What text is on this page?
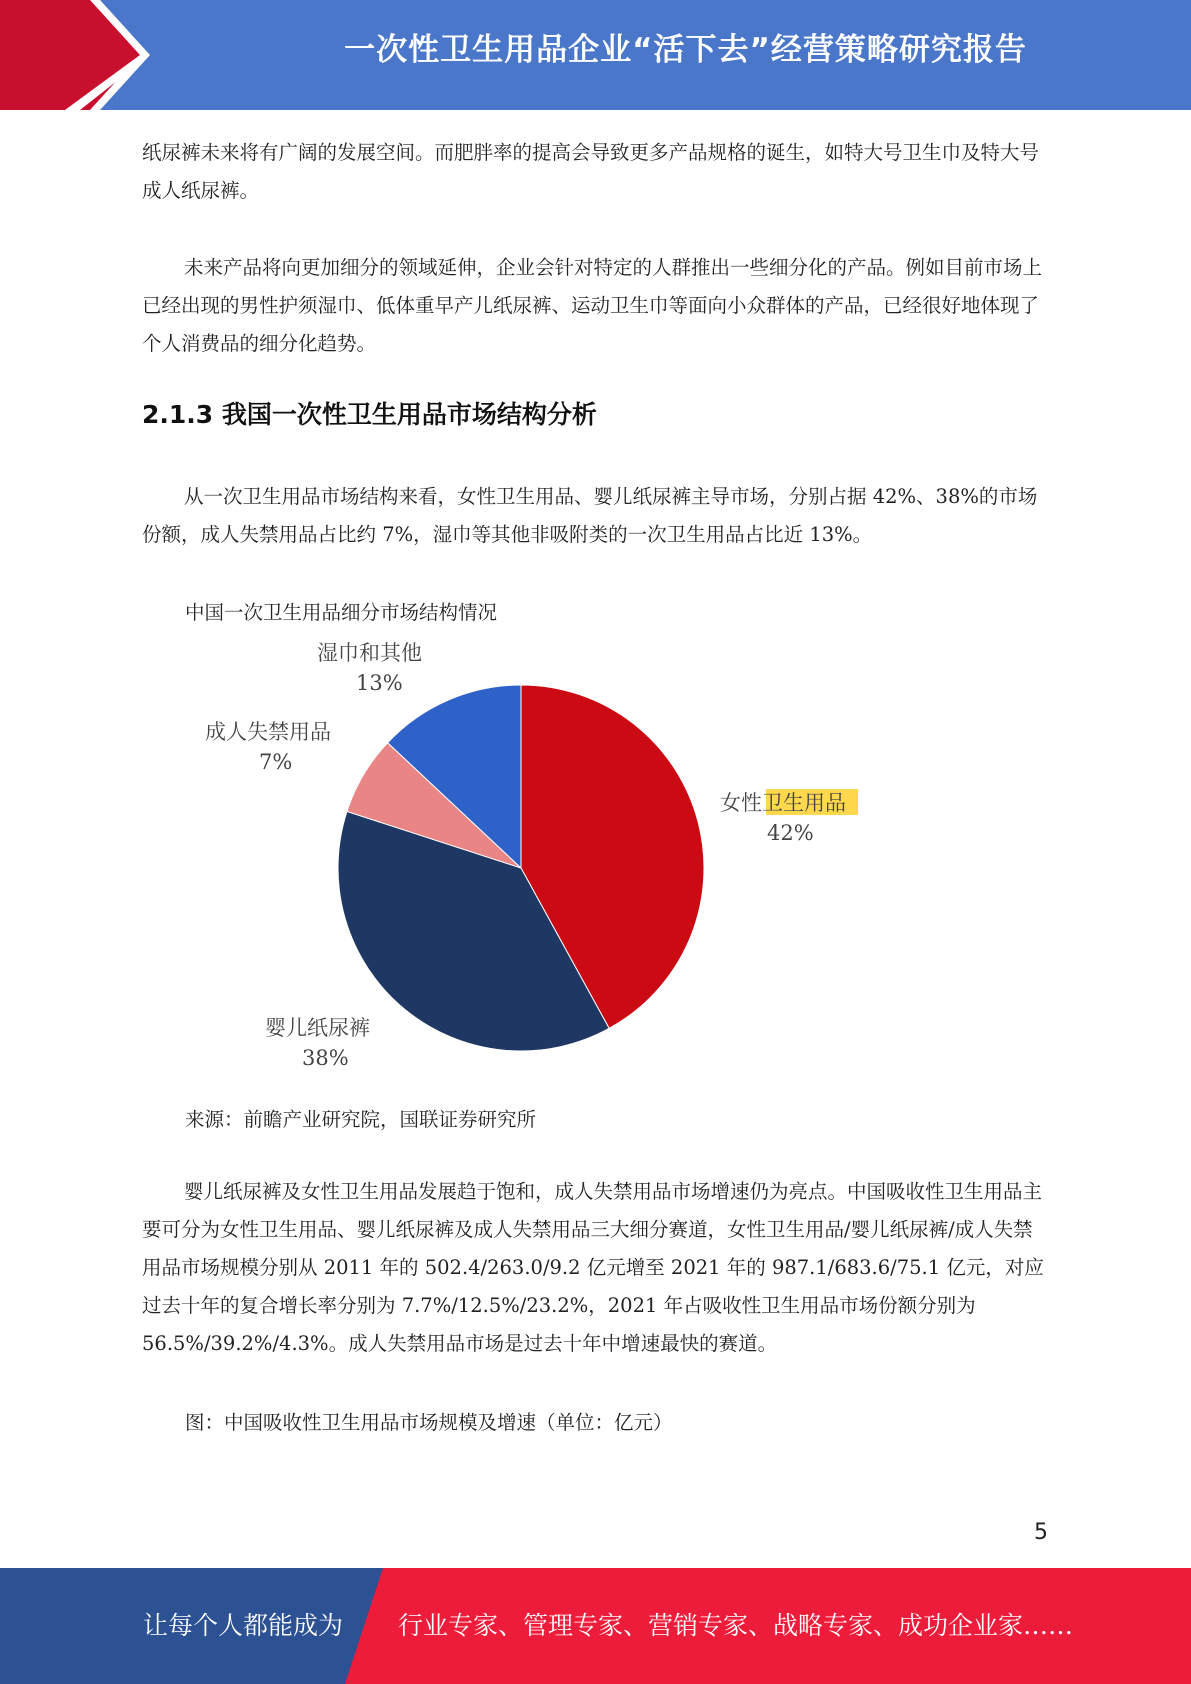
一次性卫生用品企业“活下去”经营策略研究报告

纸尿裤未来将有广阔的发展空间。而肥胖率的提高会导致更多产品规格的诞生，如特大号卫生巾及特大号成人纸尿裤。

未来产品将向更加细分的领域延伸，企业会针对特定的人群推出一些细分化的产品。例如目前市场上已经出现的男性护须湿巾、低体重早产儿纸尿裤、运动卫生巾等面向小众群体的产品，已经很好地体现了个人消费品的细分化趋势。

2.1.3 我国一次性卫生用品市场结构分析

从一次卫生用品市场结构来看，女性卫生用品、婴儿纸尿裤主导市场，分别占据 42%、38%的市场份额，成人失禁用品占比约 7%，湿巾等其他非吸附类的一次卫生用品占比近 13%。

中国一次卫生用品细分市场结构情况

女性卫生用品
42%
婴儿纸尿裤
38%
成人失禁用品
7%
湿巾和其他
13%

来源：前瞻产业研究院，国联证券研究所

婴儿纸尿裤及女性卫生用品发展趋于饱和，成人失禁用品市场增速仍为亮点。中国吸收性卫生用品主要可分为女性卫生用品、婴儿纸尿裤及成人失禁用品三大细分赛道，女性卫生用品/婴儿纸尿裤/成人失禁用品市场规模分别从 2011 年的 502.4/263.0/9.2 亿元增至 2021 年的 987.1/683.6/75.1 亿元，对应过去十年的复合增长率分别为 7.7%/12.5%/23.2%，2021 年占吸收性卫生用品市场份额分别为 56.5%/39.2%/4.3%。成人失禁用品市场是过去十年中增速最快的赛道。

图：中国吸收性卫生用品市场规模及增速（单位：亿元）

5
让每个人都能成为 行业专家、管理专家、营销专家、战略专家、成功企业家……
